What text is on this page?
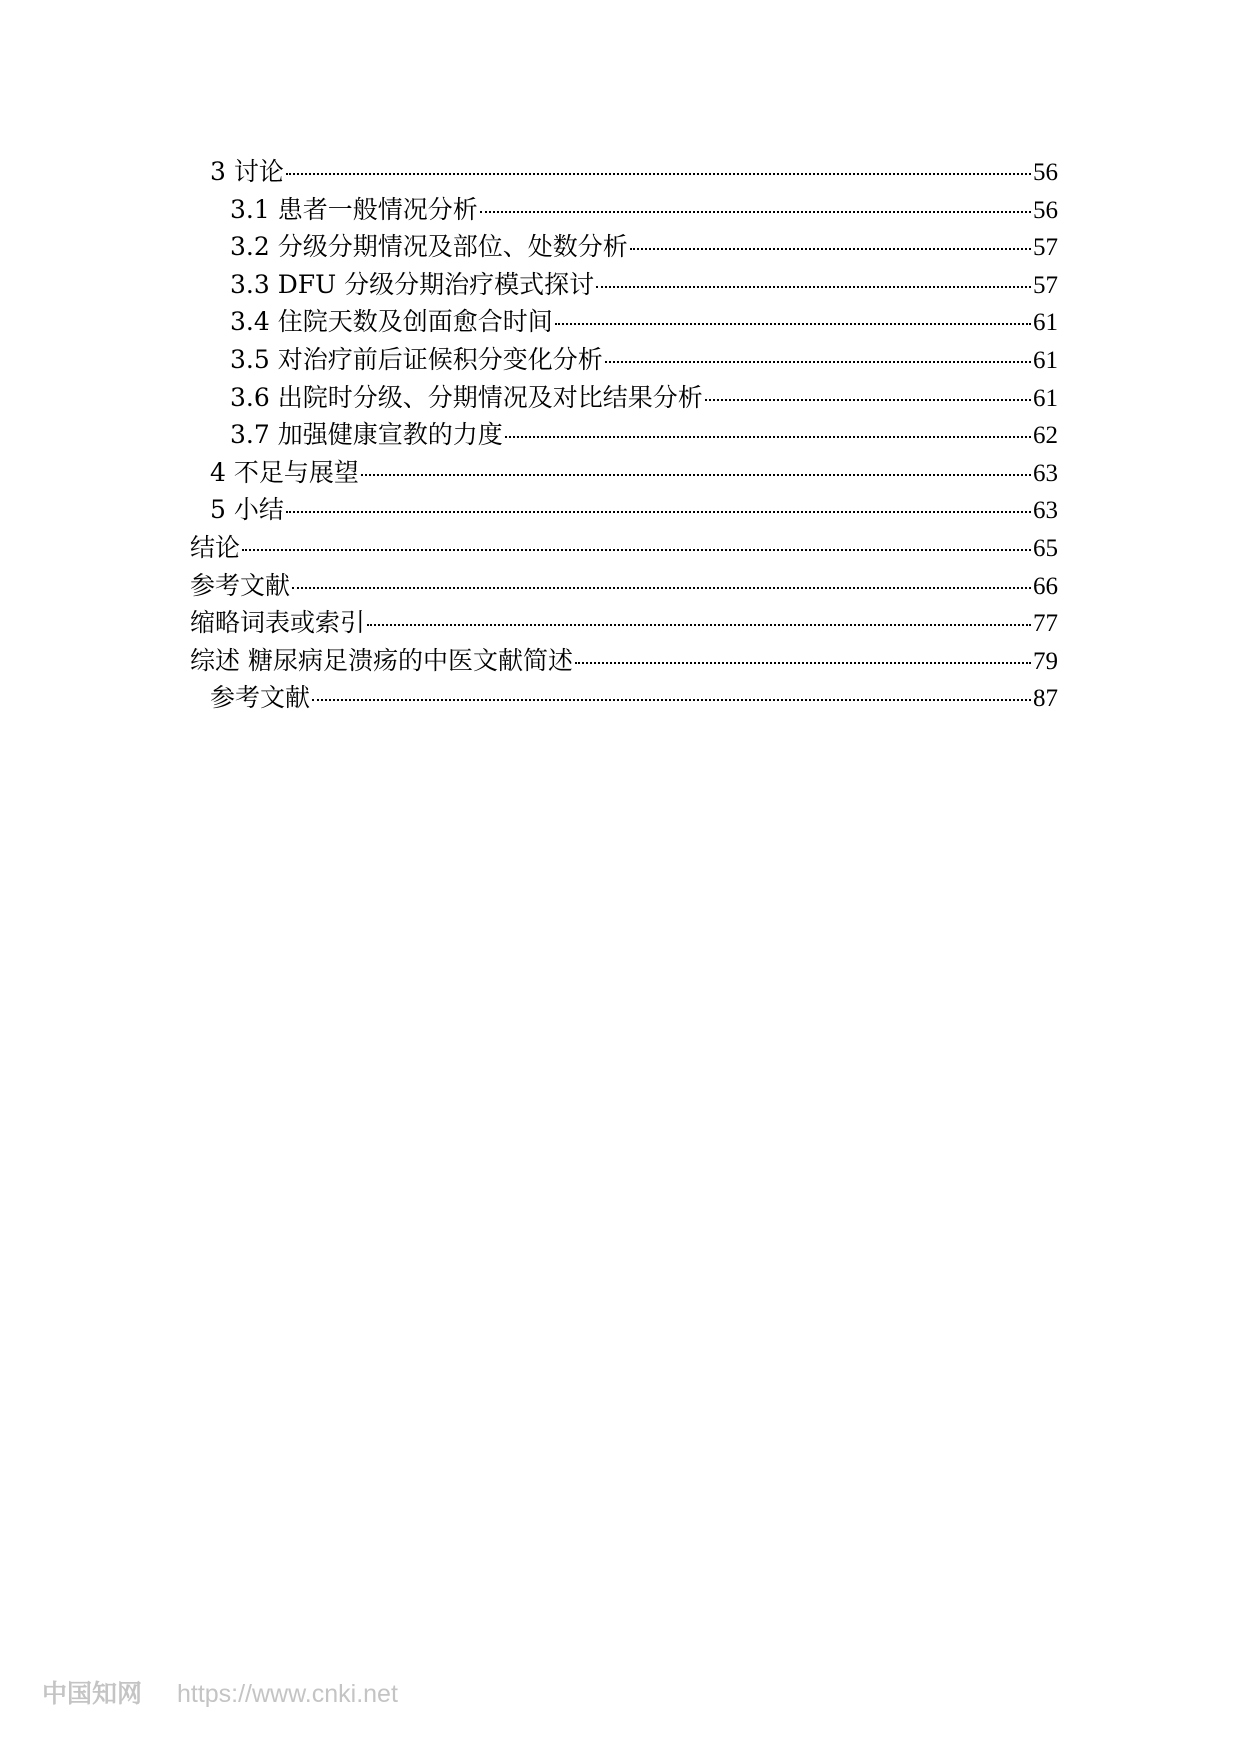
3 讨论	56
3.1 患者一般情况分析	56
3.2 分级分期情况及部位、处数分析	57
3.3 DFU 分级分期治疗模式探讨	57
3.4 住院天数及创面愈合时间	61
3.5 对治疗前后证候积分变化分析	61
3.6 出院时分级、分期情况及对比结果分析	61
3.7 加强健康宣教的力度	62
4 不足与展望	63
5 小结	63
结论	65
参考文献	66
缩略词表或索引	77
综述 糖尿病足溃疡的中医文献简述	79
参考文献	87
中国知网 https://www.cnki.net
